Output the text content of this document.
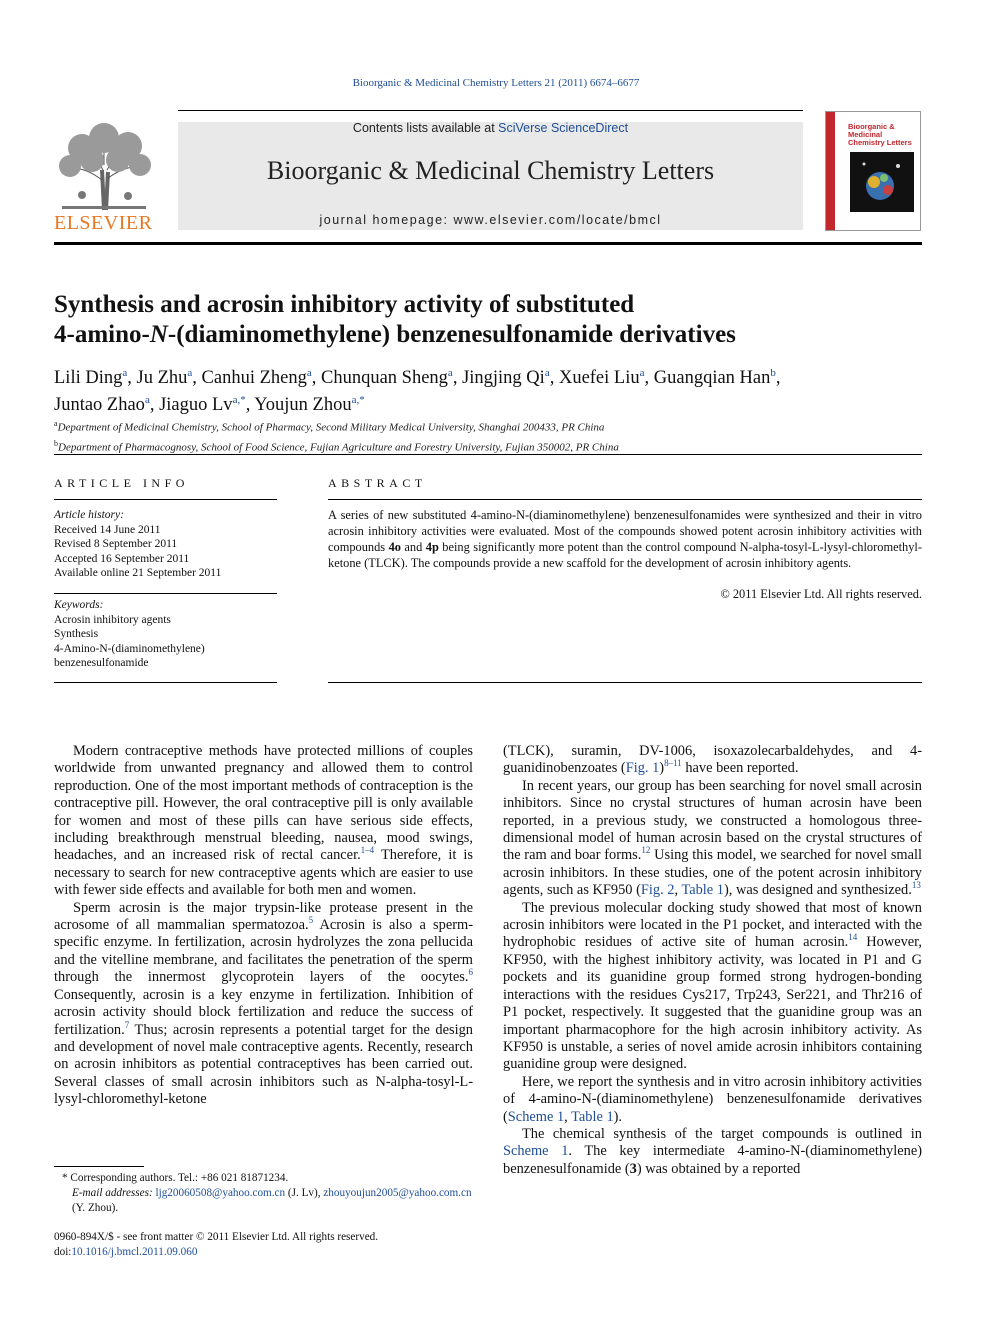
Bioorganic & Medicinal Chemistry Letters 21 (2011) 6674–6677
ELSEVIER
Contents lists available at SciVerse ScienceDirect
Bioorganic & Medicinal Chemistry Letters
journal homepage: www.elsevier.com/locate/bmcl
Bioorganic & Medicinal Chemistry Letters
Synthesis and acrosin inhibitory activity of substituted
4-amino-N-(diaminomethylene) benzenesulfonamide derivatives
Lili Ding$^a$, Ju Zhu$^a$, Canhui Zheng$^a$, Chunquan Sheng$^a$, Jingjing Qi$^a$, Xuefei Liu$^a$, Guangqian Han$^b$,
Juntao Zhao$^a$, Jiaguo $Lv^{a,*}$, Youjun Zhou$^{a,*}$
$^a$Department of Medicinal Chemistry, School of Pharmacy, Second Military Medical University, Shanghai 200433, PR China
$^b$Department of Pharmacognosy, School of Food Science, Fujian Agriculture and Forestry University, Fujian 350002, PR China
ARTICLE INFO
Article history:
Received 14 June 2011
Revised 8 September 2011
Accepted 16 September 2011
Available online 21 September 2011
Keywords:
Acrosin inhibitory agents
Synthesis
4-Amino-N-(diaminomethylene)
benzenesulfonamide
ABSTRACT
A series of new substituted 4-amino-N-(diaminomethylene) benzenesulfonamides were synthesized and their in vitro acrosin inhibitory activities were evaluated. Most of the compounds showed potent acrosin inhibitory activities with compounds 4o and 4p being significantly more potent than the control compound N-alpha-tosyl-L-lysyl-chloromethyl-ketone (TLCK). The compounds provide a new scaffold for the development of acrosin inhibitory agents.
© 2011 Elsevier Ltd. All rights reserved.

Modern contraceptive methods have protected millions of couples worldwide from unwanted pregnancy and allowed them to control reproduction. One of the most important methods of contraception is the contraceptive pill. However, the oral contraceptive pill is only available for women and most of these pills can have serious side effects, including breakthrough menstrual bleeding, nausea, mood swings, headaches, and an increased risk of rectal cancer.$^{1-4}$ Therefore, it is necessary to search for new contraceptive agents which are easier to use with fewer side effects and available for both men and women.

Sperm acrosin is the major trypsin-like protease present in the acrosome of all mammalian spermatozoa.$^5$ Acrosin is also a sperm-specific enzyme. In fertilization, acrosin hydrolyzes the zona pellucida and the vitelline membrane, and facilitates the penetration of the sperm through the innermost glycoprotein layers of the oocytes.$^6$ Consequently, acrosin is a key enzyme in fertilization. Inhibition of acrosin activity should block fertilization and reduce the success of fertilization.$^7$ Thus; acrosin represents a potential target for the design and development of novel male contraceptive agents. Recently, research on acrosin inhibitors as potential contraceptives has been carried out. Several classes of small acrosin inhibitors such as N-alpha-tosyl-L-lysyl-chloromethyl-ketone

(TLCK), suramin, DV-1006, isoxazolecarbaldehydes, and 4-guanidinobenzoates (Fig. 1)$^{8-11}$ have been reported.

In recent years, our group has been searching for novel small acrosin inhibitors. Since no crystal structures of human acrosin have been reported, in a previous study, we constructed a homologous three-dimensional model of human acrosin based on the crystal structures of the ram and boar forms.$^{12}$ Using this model, we searched for novel small acrosin inhibitors. In these studies, one of the potent acrosin inhibitory agents, such as KF950 (Fig. 2, Table 1), was designed and synthesized.$^{13}$

The previous molecular docking study showed that most of known acrosin inhibitors were located in the P1 pocket, and interacted with the hydrophobic residues of active site of human acrosin.$^{14}$ However, KF950, with the highest inhibitory activity, was located in P1 and G pockets and its guanidine group formed strong hydrogen-bonding interactions with the residues Cys217, Trp243, Ser221, and Thr216 of P1 pocket, respectively. It suggested that the guanidine group was an important pharmacophore for the high acrosin inhibitory activity. As KF950 is unstable, a series of novel amide acrosin inhibitors containing guanidine group were designed.

Here, we report the synthesis and in vitro acrosin inhibitory activities of 4-amino-N-(diaminomethylene) benzenesulfonamide derivatives (Scheme 1, Table 1).

The chemical synthesis of the target compounds is outlined in Scheme 1. The key intermediate 4-amino-N-(diaminomethylene) benzenesulfonamide (3) was obtained by a reported

* Corresponding authors. Tel.: +86 021 81871234.
E-mail addresses: ljg20060508@yahoo.com.cn (J. Lv), zhouyoujun2005@yahoo.com.cn (Y. Zhou).
0960-894X/$ - see front matter © 2011 Elsevier Ltd. All rights reserved.
doi:10.1016/j.bmcl.2011.09.060
